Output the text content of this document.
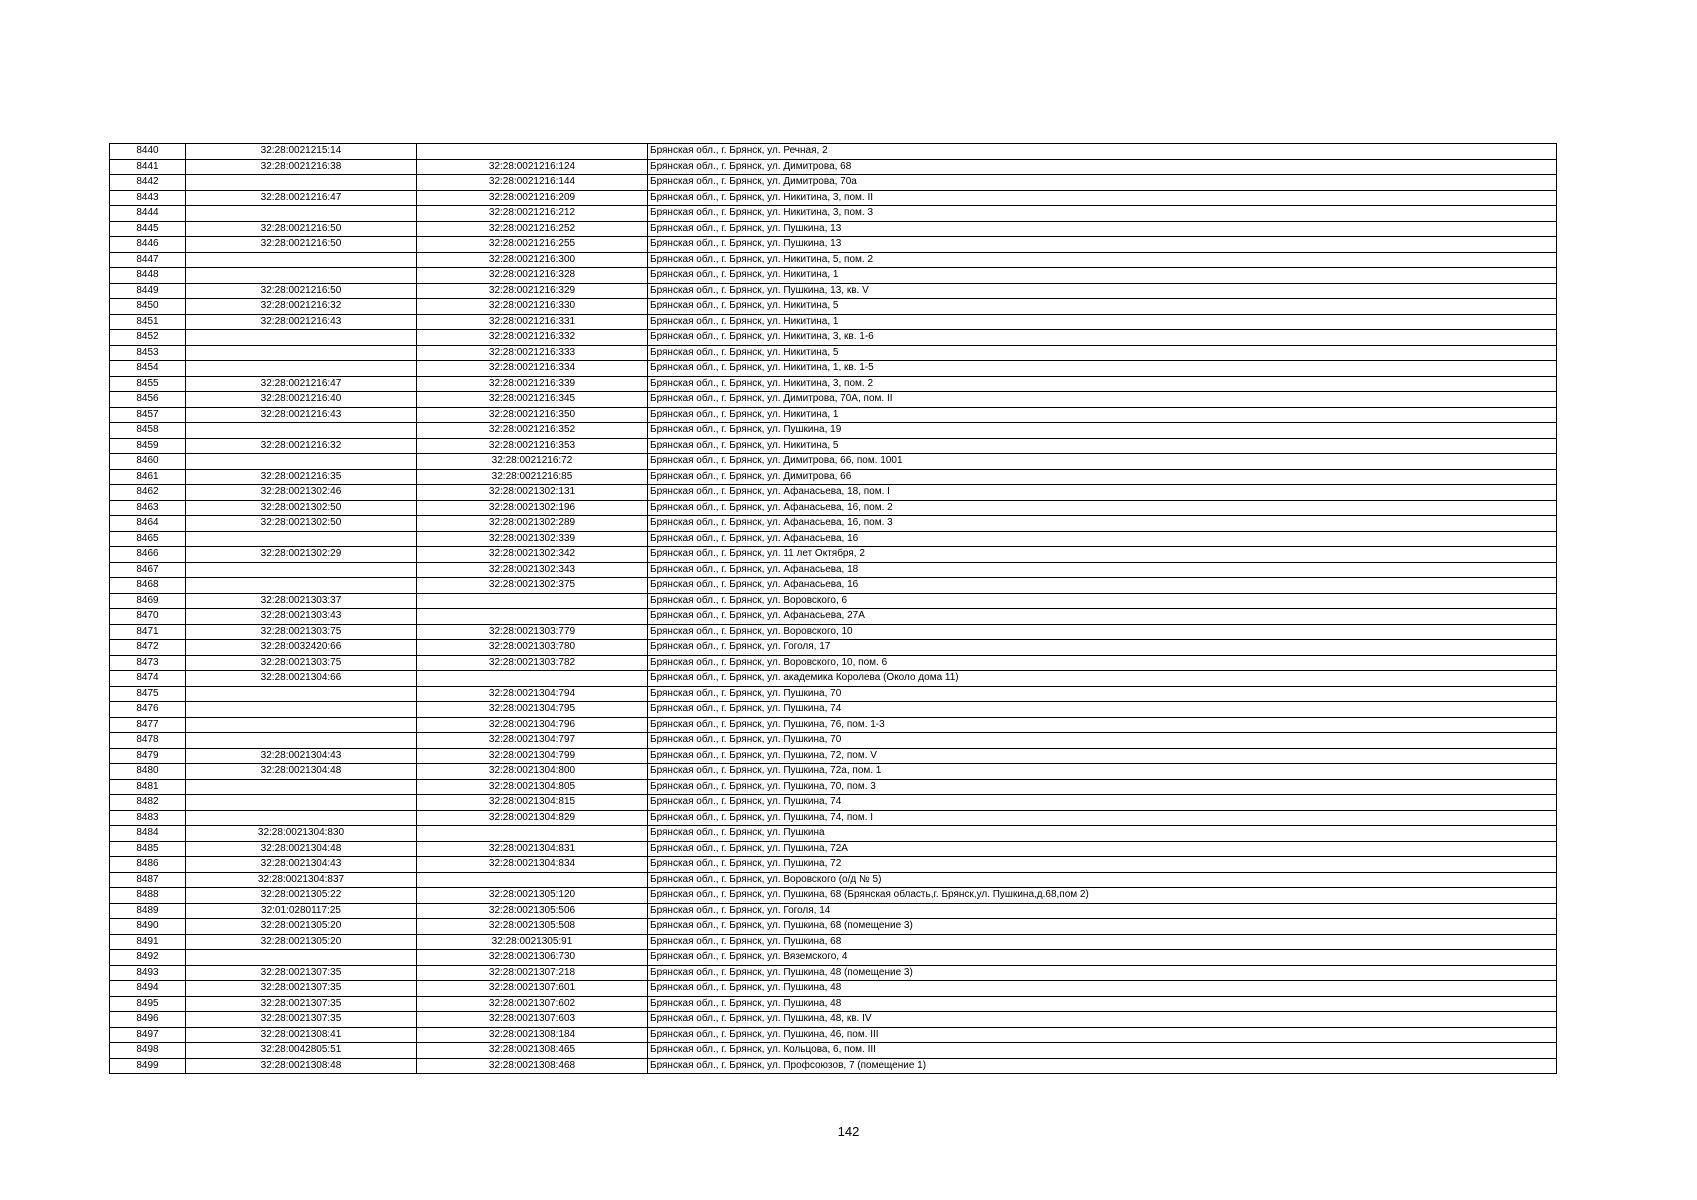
8440	32:28:0021215:14		Брянская обл., г. Брянск, ул. Речная, 2
8441	32:28:0021216:38	32:28:0021216:124	Брянская обл., г. Брянск, ул. Димитрова, 68
8442		32:28:0021216:144	Брянская обл., г. Брянск, ул. Димитрова, 70а
8443	32:28:0021216:47	32:28:0021216:209	Брянская обл., г. Брянск, ул. Никитина, 3, пом. II
8444		32:28:0021216:212	Брянская обл., г. Брянск, ул. Никитина, 3, пом. 3
8445	32:28:0021216:50	32:28:0021216:252	Брянская обл., г. Брянск, ул. Пушкина, 13
8446	32:28:0021216:50	32:28:0021216:255	Брянская обл., г. Брянск, ул. Пушкина, 13
8447		32:28:0021216:300	Брянская обл., г. Брянск, ул. Никитина, 5, пом. 2
8448		32:28:0021216:328	Брянская обл., г. Брянск, ул. Никитина, 1
8449	32:28:0021216:50	32:28:0021216:329	Брянская обл., г. Брянск, ул. Пушкина, 13, кв. V
8450	32:28:0021216:32	32:28:0021216:330	Брянская обл., г. Брянск, ул. Никитина, 5
8451	32:28:0021216:43	32:28:0021216:331	Брянская обл., г. Брянск, ул. Никитина, 1
8452		32:28:0021216:332	Брянская обл., г. Брянск, ул. Никитина, 3, кв. 1-6
8453		32:28:0021216:333	Брянская обл., г. Брянск, ул. Никитина, 5
8454		32:28:0021216:334	Брянская обл., г. Брянск, ул. Никитина, 1, кв. 1-5
8455	32:28:0021216:47	32:28:0021216:339	Брянская обл., г. Брянск, ул. Никитина, 3, пом. 2
8456	32:28:0021216:40	32:28:0021216:345	Брянская обл., г. Брянск, ул. Димитрова, 70А, пом. II
8457	32:28:0021216:43	32:28:0021216:350	Брянская обл., г. Брянск, ул. Никитина, 1
8458		32:28:0021216:352	Брянская обл., г. Брянск, ул. Пушкина, 19
8459	32:28:0021216:32	32:28:0021216:353	Брянская обл., г. Брянск, ул. Никитина, 5
8460		32:28:0021216:72	Брянская обл., г. Брянск, ул. Димитрова, 66, пом. 1001
8461	32:28:0021216:35	32:28:0021216:85	Брянская обл., г. Брянск, ул. Димитрова, 66
8462	32:28:0021302:46	32:28:0021302:131	Брянская обл., г. Брянск, ул. Афанасьева, 18, пом. I
8463	32:28:0021302:50	32:28:0021302:196	Брянская обл., г. Брянск, ул. Афанасьева, 16, пом. 2
8464	32:28:0021302:50	32:28:0021302:289	Брянская обл., г. Брянск, ул. Афанасьева, 16, пом. 3
8465		32:28:0021302:339	Брянская обл., г. Брянск, ул. Афанасьева, 16
8466	32:28:0021302:29	32:28:0021302:342	Брянская обл., г. Брянск, ул. 11 лет Октября, 2
8467		32:28:0021302:343	Брянская обл., г. Брянск, ул. Афанасьева, 18
8468		32:28:0021302:375	Брянская обл., г. Брянск, ул. Афанасьева, 16
8469	32:28:0021303:37		Брянская обл., г. Брянск, ул. Воровского, 6
8470	32:28:0021303:43		Брянская обл., г. Брянск, ул. Афанасьева, 27А
8471	32:28:0021303:75	32:28:0021303:779	Брянская обл., г. Брянск, ул. Воровского, 10
8472	32:28:0032420:66	32:28:0021303:780	Брянская обл., г. Брянск, ул. Гоголя, 17
8473	32:28:0021303:75	32:28:0021303:782	Брянская обл., г. Брянск, ул. Воровского, 10, пом. 6
8474	32:28:0021304:66		Брянская обл., г. Брянск, ул. академика Королева (Около дома 11)
8475		32:28:0021304:794	Брянская обл., г. Брянск, ул. Пушкина, 70
8476		32:28:0021304:795	Брянская обл., г. Брянск, ул. Пушкина, 74
8477		32:28:0021304:796	Брянская обл., г. Брянск, ул. Пушкина, 76, пом. 1-3
8478		32:28:0021304:797	Брянская обл., г. Брянск, ул. Пушкина, 70
8479	32:28:0021304:43	32:28:0021304:799	Брянская обл., г. Брянск, ул. Пушкина, 72, пом. V
8480	32:28:0021304:48	32:28:0021304:800	Брянская обл., г. Брянск, ул. Пушкина, 72а, пом. 1
8481		32:28:0021304:805	Брянская обл., г. Брянск, ул. Пушкина, 70, пом. 3
8482		32:28:0021304:815	Брянская обл., г. Брянск, ул. Пушкина, 74
8483		32:28:0021304:829	Брянская обл., г. Брянск, ул. Пушкина, 74, пом. I
8484	32:28:0021304:830		Брянская обл., г. Брянск, ул. Пушкина
8485	32:28:0021304:48	32:28:0021304:831	Брянская обл., г. Брянск, ул. Пушкина, 72А
8486	32:28:0021304:43	32:28:0021304:834	Брянская обл., г. Брянск, ул. Пушкина, 72
8487	32:28:0021304:837		Брянская обл., г. Брянск, ул. Воровского (о/д № 5)
8488	32:28:0021305:22	32:28:0021305:120	Брянская обл., г. Брянск, ул. Пушкина, 68 (Брянская область,г. Брянск,ул. Пушкина,д.68,пом 2)
8489	32:01:0280117:25	32:28:0021305:506	Брянская обл., г. Брянск, ул. Гоголя, 14
8490	32:28:0021305:20	32:28:0021305:508	Брянская обл., г. Брянск, ул. Пушкина, 68 (помещение 3)
8491	32:28:0021305:20	32:28:0021305:91	Брянская обл., г. Брянск, ул. Пушкина, 68
8492		32:28:0021306:730	Брянская обл., г. Брянск, ул. Вяземского, 4
8493	32:28:0021307:35	32:28:0021307:218	Брянская обл., г. Брянск, ул. Пушкина, 48 (помещение 3)
8494	32:28:0021307:35	32:28:0021307:601	Брянская обл., г. Брянск, ул. Пушкина, 48
8495	32:28:0021307:35	32:28:0021307:602	Брянская обл., г. Брянск, ул. Пушкина, 48
8496	32:28:0021307:35	32:28:0021307:603	Брянская обл., г. Брянск, ул. Пушкина, 48, кв. IV
8497	32:28:0021308:41	32:28:0021308:184	Брянская обл., г. Брянск, ул. Пушкина, 46, пом. III
8498	32:28:0042805:51	32:28:0021308:465	Брянская обл., г. Брянск, ул. Кольцова, 6, пом. III
8499	32:28:0021308:48	32:28:0021308:468	Брянская обл., г. Брянск, ул. Профсоюзов, 7 (помещение 1)
142
